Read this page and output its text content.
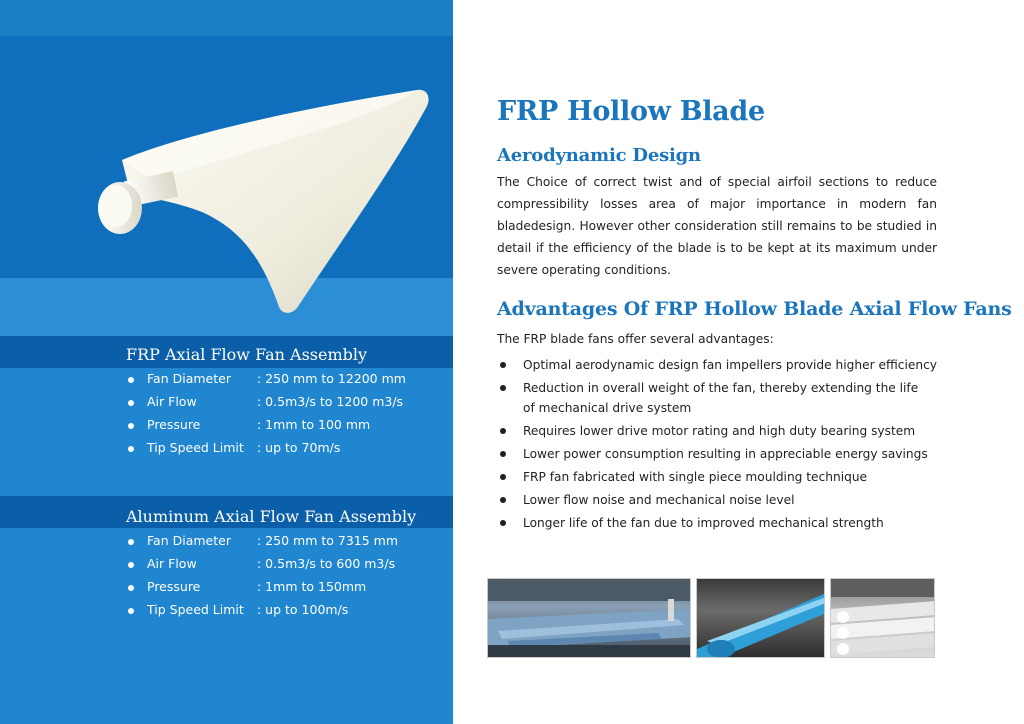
FRP Axial Flow Fan Assembly
Fan Diameter : 250 mm to 12200 mm
Air Flow	: 0.5m3/s to 1200 m3/s
Pressure	: 1mm to 100 mm
Tip Speed Limit : up to 70m/s
Aluminum Axial Flow Fan Assembly
Fan Diameter : 250 mm to 7315 mm
Air Flow	: 0.5m3/s to 600 m3/s
Pressure	: 1mm to 150mm
Tip Speed Limit : up to 100m/s
FRP Hollow Blade
Aerodynamic Design

The Choice of correct twist and of special airfoil sections to reduce compressibility losses area of major importance in modern fan bladedesign. However other consideration still remains to be studied in detail if the efficiency of the blade is to be kept at its maximum under severe operating conditions.

Advantages Of FRP Hollow Blade Axial Flow Fans

The FRP blade fans offer several advantages:

Optimal aerodynamic design fan impellers provide higher efficiency
Reduction in overall weight of the fan, thereby extending the life of mechanical drive system
Requires lower drive motor rating and high duty bearing system
Lower power consumption resulting in appreciable energy savings
FRP fan fabricated with single piece moulding technique
Lower flow noise and mechanical noise level
Longer life of the fan due to improved mechanical strength
